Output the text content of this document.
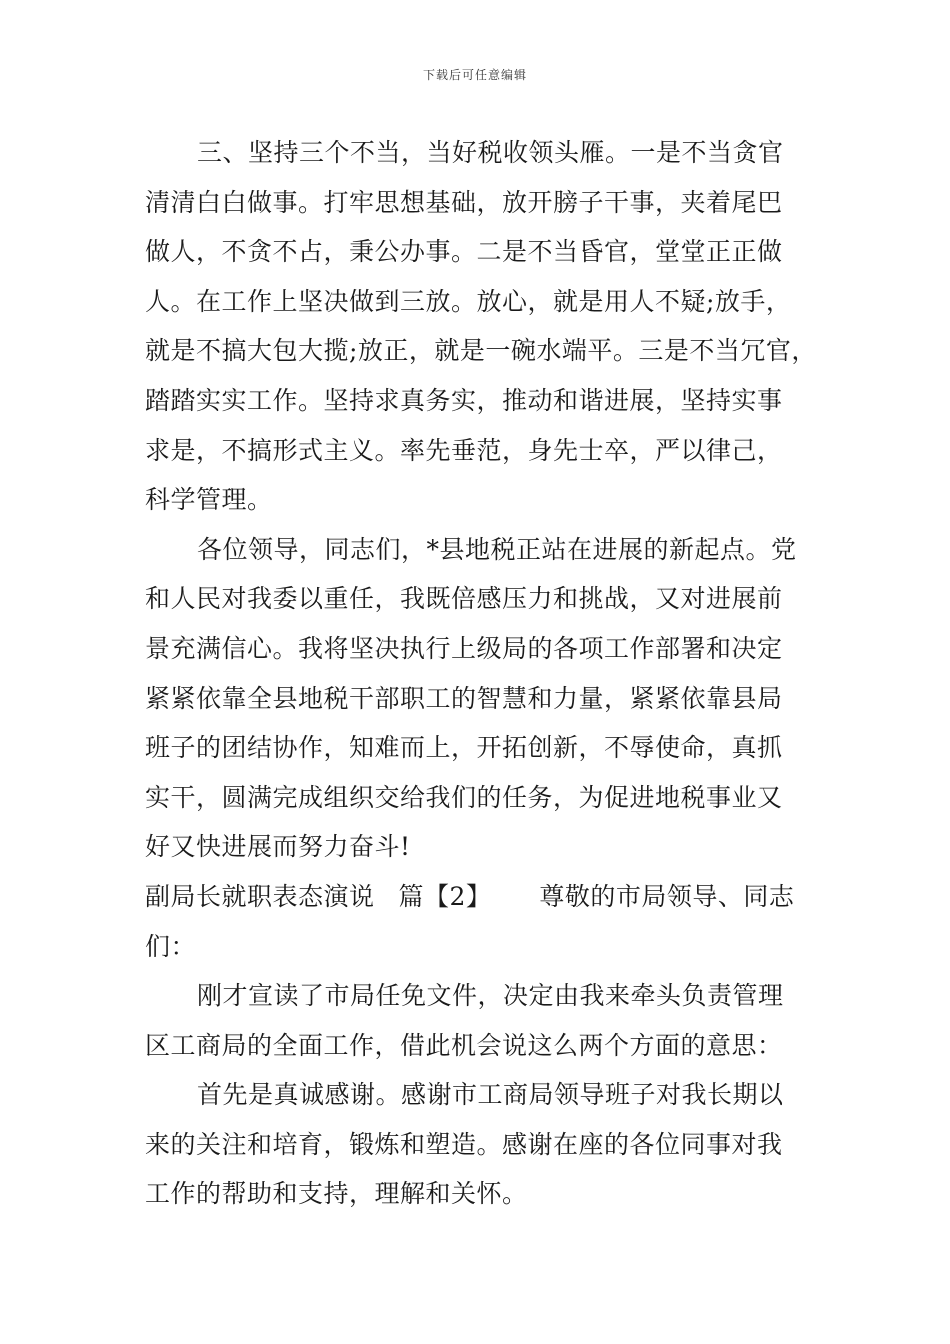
下载后可任意编辑
三、坚持三个不当，当好税收领头雁。一是不当贪官
清清白白做事。打牢思想基础，放开膀子干事，夹着尾巴
做人，不贪不占，秉公办事。二是不当昏官，堂堂正正做
人。在工作上坚决做到三放。放心，就是用人不疑;放手，
就是不搞大包大揽;放正，就是一碗水端平。三是不当冗官，
踏踏实实工作。坚持求真务实，推动和谐进展，坚持实事
求是，不搞形式主义。率先垂范，身先士卒，严以律己，
科学管理。
各位领导，同志们，*县地税正站在进展的新起点。党
和人民对我委以重任，我既倍感压力和挑战，又对进展前
景充满信心。我将坚决执行上级局的各项工作部署和决定
紧紧依靠全县地税干部职工的智慧和力量，紧紧依靠县局
班子的团结协作，知难而上，开拓创新，不辱使命，真抓
实干，圆满完成组织交给我们的任务，为促进地税事业又
好又快进展而努力奋斗!
副局长就职表态演说 篇【2】 尊敬的市局领导、同志
们：
刚才宣读了市局任免文件，决定由我来牵头负责管理
区工商局的全面工作，借此机会说这么两个方面的意思：
首先是真诚感谢。感谢市工商局领导班子对我长期以
来的关注和培育，锻炼和塑造。感谢在座的各位同事对我
工作的帮助和支持，理解和关怀。
